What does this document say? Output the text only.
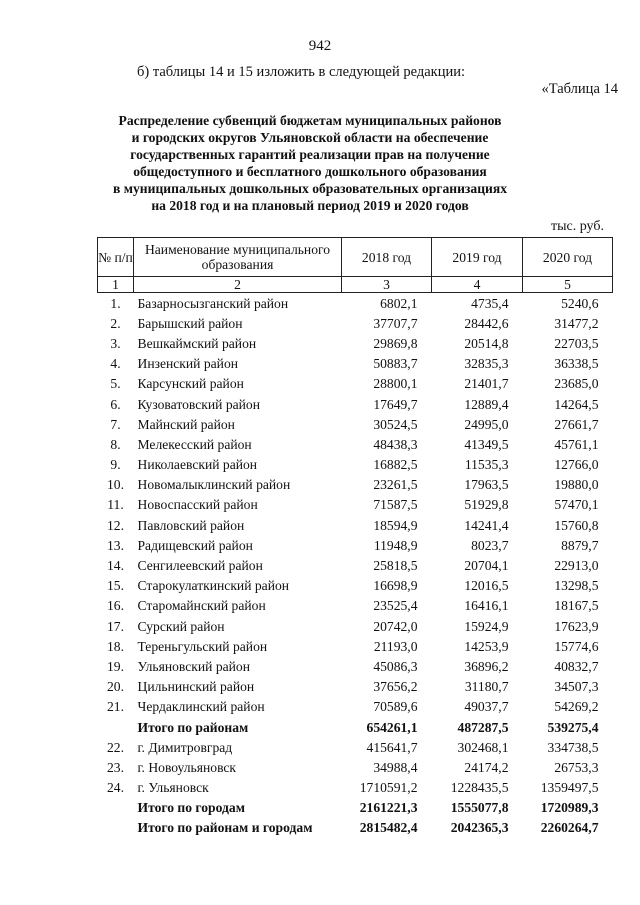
942
б) таблицы 14 и 15 изложить в следующей редакции:
«Таблица 14
Распределение субвенций бюджетам муниципальных районов
и городских округов Ульяновской области на обеспечение
государственных гарантий реализации прав на получение
общедоступного и бесплатного дошкольного образования
в муниципальных дошкольных образовательных организациях
на 2018 год и на плановый период 2019 и 2020 годов
тыс. руб.
№ п/п	Наименование муниципального образования	2018 год	2019 год	2020 год
1	2	3	4	5
1.	Базарносызганский район	6802,1	4735,4	5240,6
2.	Барышский район	37707,7	28442,6	31477,2
3.	Вешкаймский район	29869,8	20514,8	22703,5
4.	Инзенский район	50883,7	32835,3	36338,5
5.	Карсунский район	28800,1	21401,7	23685,0
6.	Кузоватовский район	17649,7	12889,4	14264,5
7.	Майнский район	30524,5	24995,0	27661,7
8.	Мелекесский район	48438,3	41349,5	45761,1
9.	Николаевский район	16882,5	11535,3	12766,0
10.	Новомалыклинский район	23261,5	17963,5	19880,0
11.	Новоспасский район	71587,5	51929,8	57470,1
12.	Павловский район	18594,9	14241,4	15760,8
13.	Радищевский район	11948,9	8023,7	8879,7
14.	Сенгилеевский район	25818,5	20704,1	22913,0
15.	Старокулаткинский район	16698,9	12016,5	13298,5
16.	Старомайнский район	23525,4	16416,1	18167,5
17.	Сурский район	20742,0	15924,9	17623,9
18.	Тереньгульский район	21193,0	14253,9	15774,6
19.	Ульяновский район	45086,3	36896,2	40832,7
20.	Цильнинский район	37656,2	31180,7	34507,3
21.	Чердаклинский район	70589,6	49037,7	54269,2
	Итого по районам	654261,1	487287,5	539275,4
22.	г. Димитровград	415641,7	302468,1	334738,5
23.	г. Новоульяновск	34988,4	24174,2	26753,3
24.	г. Ульяновск	1710591,2	1228435,5	1359497,5
	Итого по городам	2161221,3	1555077,8	1720989,3
	Итого по районам и городам	2815482,4	2042365,3	2260264,7
